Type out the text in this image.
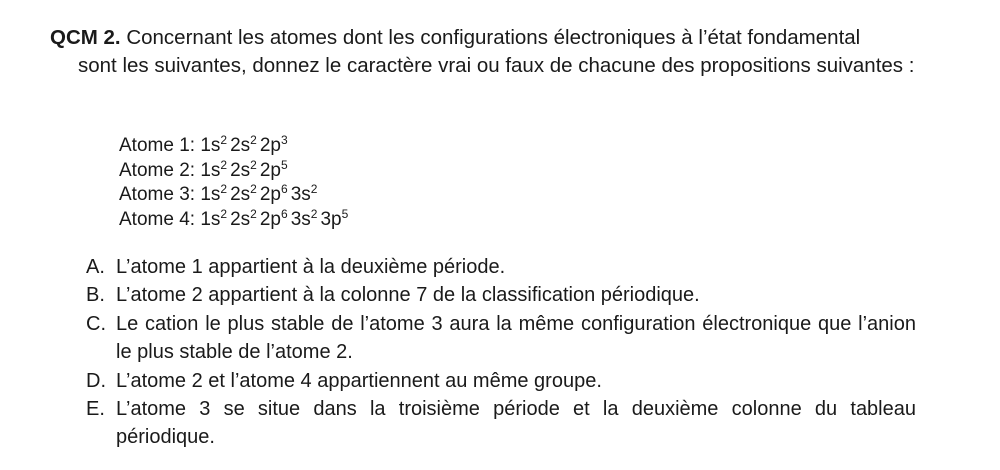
QCM 2. Concernant les atomes dont les configurations électroniques à l’état fondamental
sont les suivantes, donnez le caractère vrai ou faux de chacune des propositions suivantes :
Atome 1: $1s^2$ $2s^2$ $2p^3$
Atome 2: $1s^2$ $2s^2$ $2p^5$
Atome 3: $1s^2$ $2s^2$ $2p^6$ $3s^2$
Atome 4: $1s^2$ $2s^2$ $2p^6$ $3s^2$ $3p^5$
A. L’atome 1 appartient à la deuxième période.
B. L’atome 2 appartient à la colonne 7 de la classification périodique.
C. Le cation le plus stable de l’atome 3 aura la même configuration électronique que l’anion le plus stable de l’atome 2.
D. L’atome 2 et l’atome 4 appartiennent au même groupe.
E. L’atome 3 se situe dans la troisième période et la deuxième colonne du tableau périodique.
